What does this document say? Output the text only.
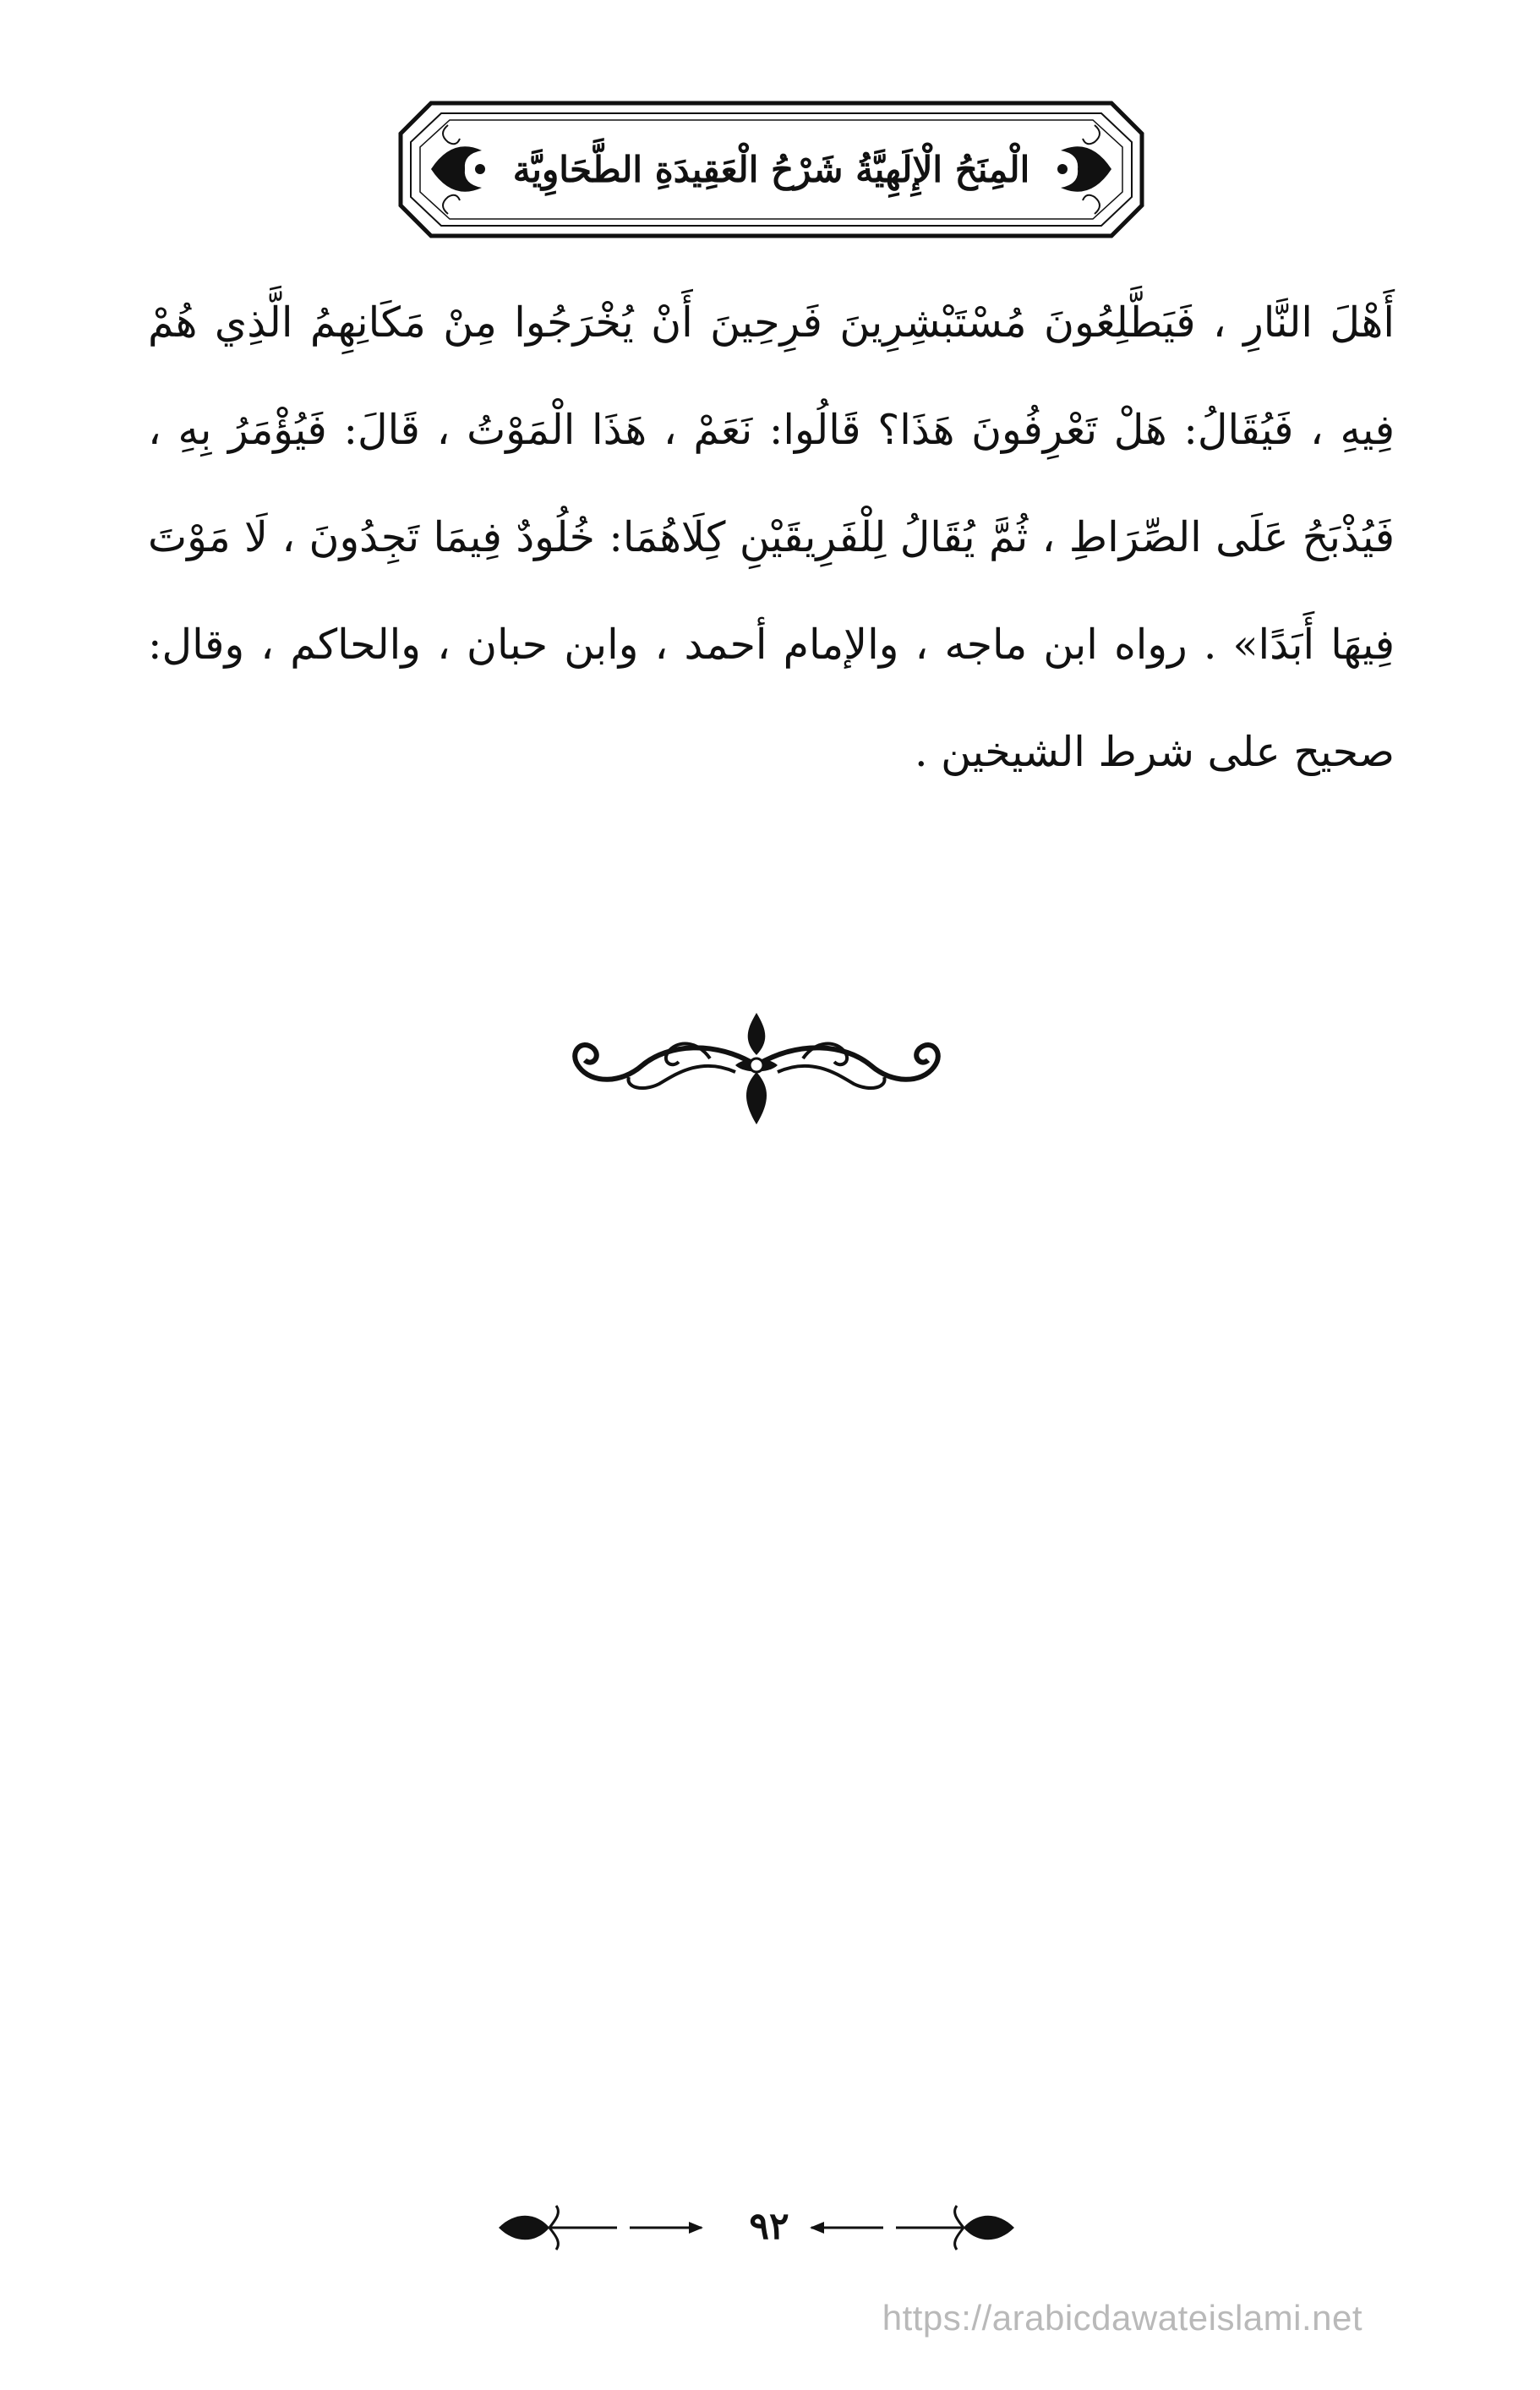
الْمِنَحُ الْإِلَهِيَّةُ شَرْحُ الْعَقِيدَةِ الطَّحَاوِيَّة
أَهْلَ النَّارِ ، فَيَطَّلِعُونَ مُسْتَبْشِرِينَ فَرِحِينَ أَنْ يُخْرَجُوا مِنْ مَكَانِهِمُ الَّذِي هُمْ فِيهِ ، فَيُقَالُ: هَلْ تَعْرِفُونَ هَذَا؟ قَالُوا: نَعَمْ ، هَذَا الْمَوْتُ ، قَالَ: فَيُؤْمَرُ بِهِ ، فَيُذْبَحُ عَلَى الصِّرَاطِ ، ثُمَّ يُقَالُ لِلْفَرِيقَيْنِ كِلَاهُمَا: خُلُودٌ فِيمَا تَجِدُونَ ، لَا مَوْتَ فِيهَا أَبَدًا» . رواه ابن ماجه ، والإمام أحمد ، وابن حبان ، والحاكم ، وقال: صحيح على شرط الشيخين .
٩٢
https://arabicdawateislami.net
